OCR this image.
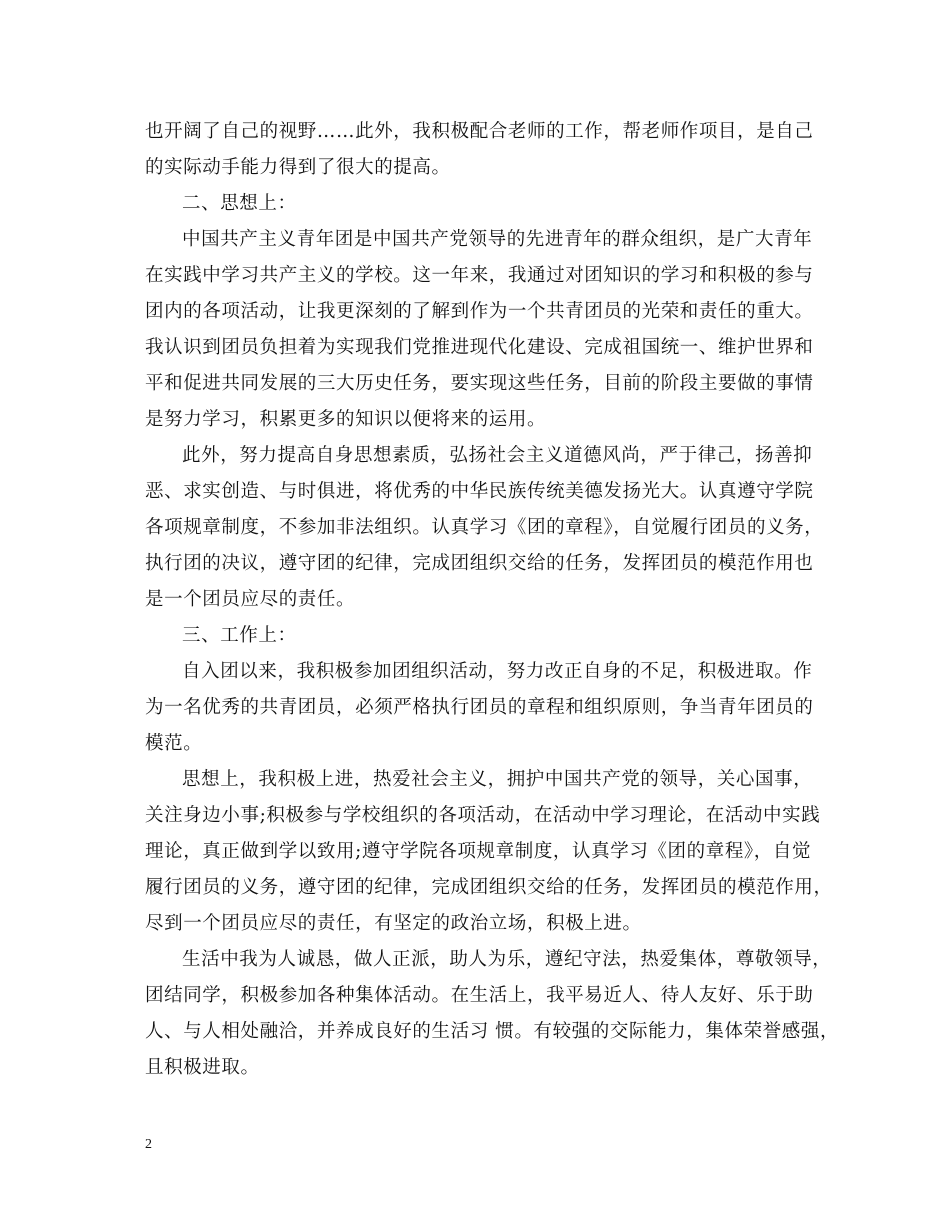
也开阔了自己的视野……此外，我积极配合老师的工作，帮老师作项目，是自己
的实际动手能力得到了很大的提高。
二、思想上：
中国共产主义青年团是中国共产党领导的先进青年的群众组织，是广大青年
在实践中学习共产主义的学校。这一年来，我通过对团知识的学习和积极的参与
团内的各项活动，让我更深刻的了解到作为一个共青团员的光荣和责任的重大。
我认识到团员负担着为实现我们党推进现代化建设、完成祖国统一、维护世界和
平和促进共同发展的三大历史任务，要实现这些任务，目前的阶段主要做的事情
是努力学习，积累更多的知识以便将来的运用。
此外，努力提高自身思想素质，弘扬社会主义道德风尚，严于律己，扬善抑
恶、求实创造、与时俱进，将优秀的中华民族传统美德发扬光大。认真遵守学院
各项规章制度，不参加非法组织。认真学习《团的章程》，自觉履行团员的义务，
执行团的决议，遵守团的纪律，完成团组织交给的任务，发挥团员的模范作用也
是一个团员应尽的责任。
三、工作上：
自入团以来，我积极参加团组织活动，努力改正自身的不足，积极进取。作
为一名优秀的共青团员，必须严格执行团员的章程和组织原则，争当青年团员的
模范。
思想上，我积极上进，热爱社会主义，拥护中国共产党的领导，关心国事，
关注身边小事;积极参与学校组织的各项活动，在活动中学习理论，在活动中实践
理论，真正做到学以致用;遵守学院各项规章制度，认真学习《团的章程》，自觉
履行团员的义务，遵守团的纪律，完成团组织交给的任务，发挥团员的模范作用，
尽到一个团员应尽的责任，有坚定的政治立场，积极上进。
生活中我为人诚恳，做人正派，助人为乐，遵纪守法，热爱集体，尊敬领导，
团结同学，积极参加各种集体活动。在生活上，我平易近人、待人友好、乐于助
人、与人相处融洽，并养成良好的生活习 惯。有较强的交际能力，集体荣誉感强，
且积极进取。
2
